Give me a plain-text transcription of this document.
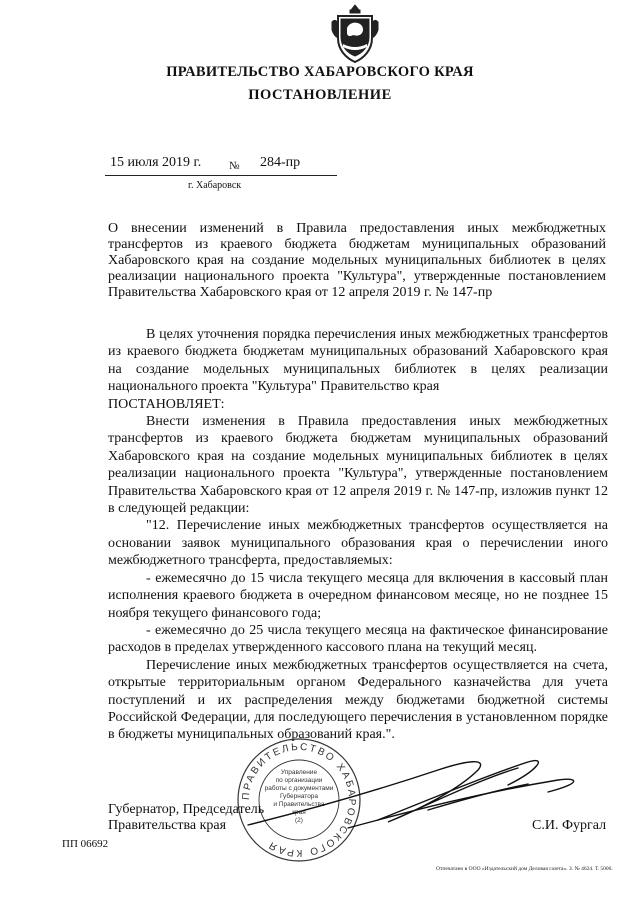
ПРАВИТЕЛЬСТВО ХАБАРОВСКОГО КРАЯ
ПОСТАНОВЛЕНИЕ
15 июля 2019 г.	№ 284-пр
г. Хабаровск
О внесении изменений в Правила предоставления иных межбюджетных трансфертов из краевого бюджета бюджетам муниципальных образований Хабаровского края на создание модельных муниципальных библиотек в целях реализации национального проекта "Культура", утвержденные постановлением Правительства Хабаровского края от 12 апреля 2019 г. № 147-пр

В целях уточнения порядка перечисления иных межбюджетных трансфертов из краевого бюджета бюджетам муниципальных образований Хабаровского края на создание модельных муниципальных библиотек в целях реализации национального проекта "Культура" Правительство края

ПОСТАНОВЛЯЕТ:

Внести изменения в Правила предоставления иных межбюджетных трансфертов из краевого бюджета бюджетам муниципальных образований Хабаровского края на создание модельных муниципальных библиотек в целях реализации национального проекта "Культура", утвержденные постановлением Правительства Хабаровского края от 12 апреля 2019 г. № 147-пр, изложив пункт 12 в следующей редакции:

"12. Перечисление иных межбюджетных трансфертов осуществляется на основании заявок муниципального образования края о перечислении иного межбюджетного трансферта, предоставляемых:

- ежемесячно до 15 числа текущего месяца для включения в кассовый план исполнения краевого бюджета в очередном финансовом месяце, но не позднее 15 ноября текущего финансового года;

- ежемесячно до 25 числа текущего месяца на фактическое финансирование расходов в пределах утвержденного кассового плана на текущий месяц.

Перечисление иных межбюджетных трансфертов осуществляется на счета, открытые территориальным органом Федерального казначейства для учета поступлений и их распределения между бюджетами бюджетной системы Российской Федерации, для последующего перечисления в установленном порядке в бюджеты муниципальных образований края.".

ПРАВИТЕЛЬСТВО ХАБАРОВСКОГО КРАЯ
Управление
по организации
работы с документами
Губернатора
и Правительства
края
(2)
Губернатор, Председатель
Правительства края	С.И. Фургал
ПП 06692
Отпечатано в ООО «Издательский дом Деловая газета». З. № 4624. Т. 5000.
